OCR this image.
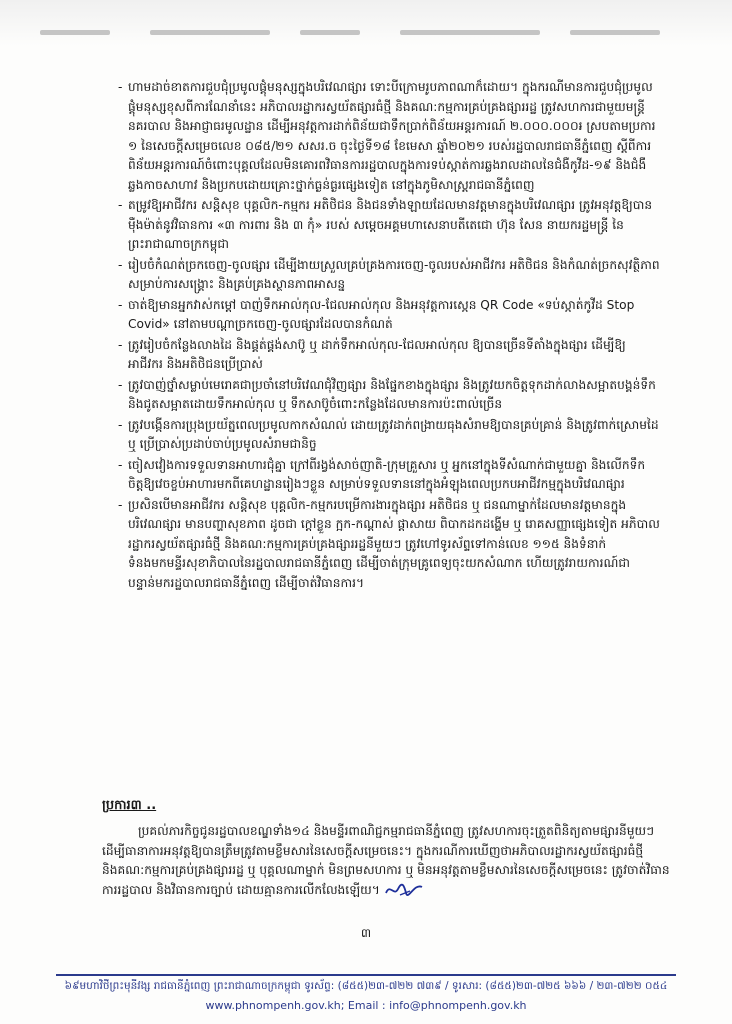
- ហាមដាច់ខាតការជួបជុំប្រមូលផ្តុំមនុស្សក្នុងបរិវេណផ្សារ ទោះបីក្រោមរូបភាពណាក៏ដោយ។ ក្នុងករណីមានការជួបជុំប្រមូលផ្តុំមនុស្សខុសពីការណែនាំនេះ អភិបាលរដ្ឋាករស្វយ័តផ្សារធំថ្មី និងគណ:កម្មការគ្រប់គ្រងផ្សាររដ្ឋ ត្រូវសហការជាមួយមន្ត្រីនគរបាល និងអាជ្ញាធរមូលដ្ឋាន ដើម្បីអនុវត្តការដាក់ពិន័យជាទឹកប្រាក់ពិន័យអន្តរការណ៍ ២.០០០.០០០៛ ស្របតាមប្រការ ១ នៃសេចក្តីសម្រេចលេខ ០៨៥/២១ សសរ.ច ចុះថ្ងៃទី១៨ ខែមេសា ឆ្នាំ២០២១ របស់រដ្ឋបាលរាជធានីភ្នំពេញ ស្តីពីការពិន័យអន្តរការណ៍ចំពោះបុគ្គលដែលមិនគោរពវិធានការរដ្ឋបាលក្នុងការទប់ស្កាត់ការឆ្លងរាលដាលនៃជំងឺកូវីដ-១៩ និងជំងឺឆ្លងកាចសាហាវ និងប្រកបដោយគ្រោះថ្នាក់ធ្ងន់ធ្ងរផ្សេងទៀត នៅក្នុងភូមិសាស្ត្ររាជធានីភ្នំពេញ
- តម្រូវឱ្យអាជីវករ សន្តិសុខ បុគ្គលិក-កម្មករ អតិថិជន និងជនទាំងឡាយដែលមានវត្តមានក្នុងបរិវេណផ្សារ ត្រូវអនុវត្តឱ្យបានម៉ឺងម៉ាត់នូវវិធានការ «៣ ការពារ និង ៣ កុំ» របស់ សម្តេចអគ្គមហាសេនាបតីតេជោ ហ៊ុន សែន នាយករដ្ឋមន្ត្រី នៃព្រះរាជាណាចក្រកម្ពុជា
- រៀបចំកំណត់ច្រកចេញ-ចូលផ្សារ ដើម្បីងាយស្រួលគ្រប់គ្រងការចេញ-ចូលរបស់អាជីវករ អតិថិជន និងកំណត់ច្រកសុវត្ថិភាពសម្រាប់ការសង្គ្រោះ និងគ្រប់គ្រងស្ថានភាពអាសន្ន
- ចាត់ឱ្យមានអ្នកវាស់កម្តៅ បាញ់ទឹកអាល់កុល-ជែលអាល់កុល និងអនុវត្តការស្កេន QR Code «ទប់ស្កាត់កូវីដ Stop Covid» នៅតាមបណ្តាច្រកចេញ-ចូលផ្សារដែលបានកំណត់
- ត្រូវរៀបចំកន្លែងលាងដៃ និងផ្គត់ផ្គង់សាប៊ូ ឬ ដាក់ទឹកអាល់កុល-ជែលអាល់កុល ឱ្យបានច្រើនទីតាំងក្នុងផ្សារ ដើម្បីឱ្យអាជីវករ និងអតិថិជនប្រើប្រាស់
- ត្រូវបាញ់ថ្នាំសម្លាប់មេរោគជាប្រចាំនៅបរិវេណជុំវិញផ្សារ និងផ្នែកខាងក្នុងផ្សារ និងត្រូវយកចិត្តទុកដាក់លាងសម្អាតបង្គន់ទឹក និងជូតសម្អាតដោយទឹកអាល់កុល ឬ ទឹកសាប៊ូចំពោះកន្លែងដែលមានការប៉ះពាល់ច្រើន
- ត្រូវបង្កើនការប្រុងប្រយ័ត្នពេលប្រមូលកាកសំណល់ ដោយត្រូវដាក់ពង្រាយធុងសំរាមឱ្យបានគ្រប់គ្រាន់ និងត្រូវពាក់ស្រោមដៃ ឬ ប្រើប្រាស់ប្រដាប់ចាប់ប្រមូលសំរាមជានិច្ច
- ចៀសវៀងការទទួលទានអាហារជុំគ្នា ក្រៅពីរង្វង់សាច់ញាតិ-ក្រុមគ្រួសារ ឬ អ្នកនៅក្នុងទីសំណាក់ជាមួយគ្នា និងលើកទឹកចិត្តឱ្យវេចខ្ចប់អាហារមកពីគេហដ្ឋានរៀងៗខ្លួន សម្រាប់ទទួលទាននៅក្នុងអំឡុងពេលប្រកបអាជីវកម្មក្នុងបរិវេណផ្សារ
- ប្រសិនបើមានអាជីវករ សន្តិសុខ បុគ្គលិក-កម្មករបម្រើការងារក្នុងផ្សារ អតិថិជន ឬ ជនណាម្នាក់ដែលមានវត្តមានក្នុងបរិវេណផ្សារ មានបញ្ហាសុខភាព ដូចជា ក្តៅខ្លួន ក្អក-កណ្តាស់ ផ្តាសាយ ពិបាកដកដង្ហើម ឬ រោគសញ្ញាផ្សេងទៀត អភិបាលរដ្ឋាករស្វយ័តផ្សារធំថ្មី និងគណ:កម្មការគ្រប់គ្រងផ្សាររដ្ឋនីមួយៗ ត្រូវហៅទូរស័ព្ទទៅកាន់លេខ ១១៥ និងទំនាក់ទំនងមកមន្ទីរសុខាភិបាលនៃរដ្ឋបាលរាជធានីភ្នំពេញ ដើម្បីចាត់ក្រុមគ្រូពេទ្យចុះយកសំណាក ហើយត្រូវរាយការណ៍ជាបន្ទាន់មករដ្ឋបាលរាជធានីភ្នំពេញ ដើម្បីចាត់វិធានការ។
ប្រការ៣ ..
ប្រគល់ភារកិច្ចជូនរដ្ឋបាលខណ្ឌទាំង១៤ និងមន្ទីរពាណិជ្ជកម្មរាជធានីភ្នំពេញ ត្រូវសហការចុះត្រួតពិនិត្យតាមផ្សារនីមួយៗ ដើម្បីធានាការអនុវត្តឱ្យបានត្រឹមត្រូវតាមខ្លឹមសារនៃសេចក្តីសម្រេចនេះ។ ក្នុងករណីការឃើញថាអភិបាលរដ្ឋាករស្វយ័តផ្សារធំថ្មី និងគណ:កម្មការគ្រប់គ្រងផ្សាររដ្ឋ ឬ បុគ្គលណាម្នាក់ មិនព្រមសហការ ឬ មិនអនុវត្តតាមខ្លឹមសារនៃសេចក្តីសម្រេចនេះ ត្រូវចាត់វិធានការរដ្ឋបាល និងវិធានការច្បាប់ ដោយគ្មានការលើកលែងឡើយ។
៣
៦៩មហាវិថីព្រះមុនីវង្ស រាជធានីភ្នំពេញ ព្រះរាជាណាចក្រកម្ពុជា ទូរស័ព្ទ: (៨៥៥)២៣-៧២២ ៧៣៩ / ទូរសារ: (៨៥៥)២៣-៧២៥ ៦៦៦ / ២៣-៧២២ ០៥៤
www.phnompenh.gov.kh; Email : info@phnompenh.gov.kh
